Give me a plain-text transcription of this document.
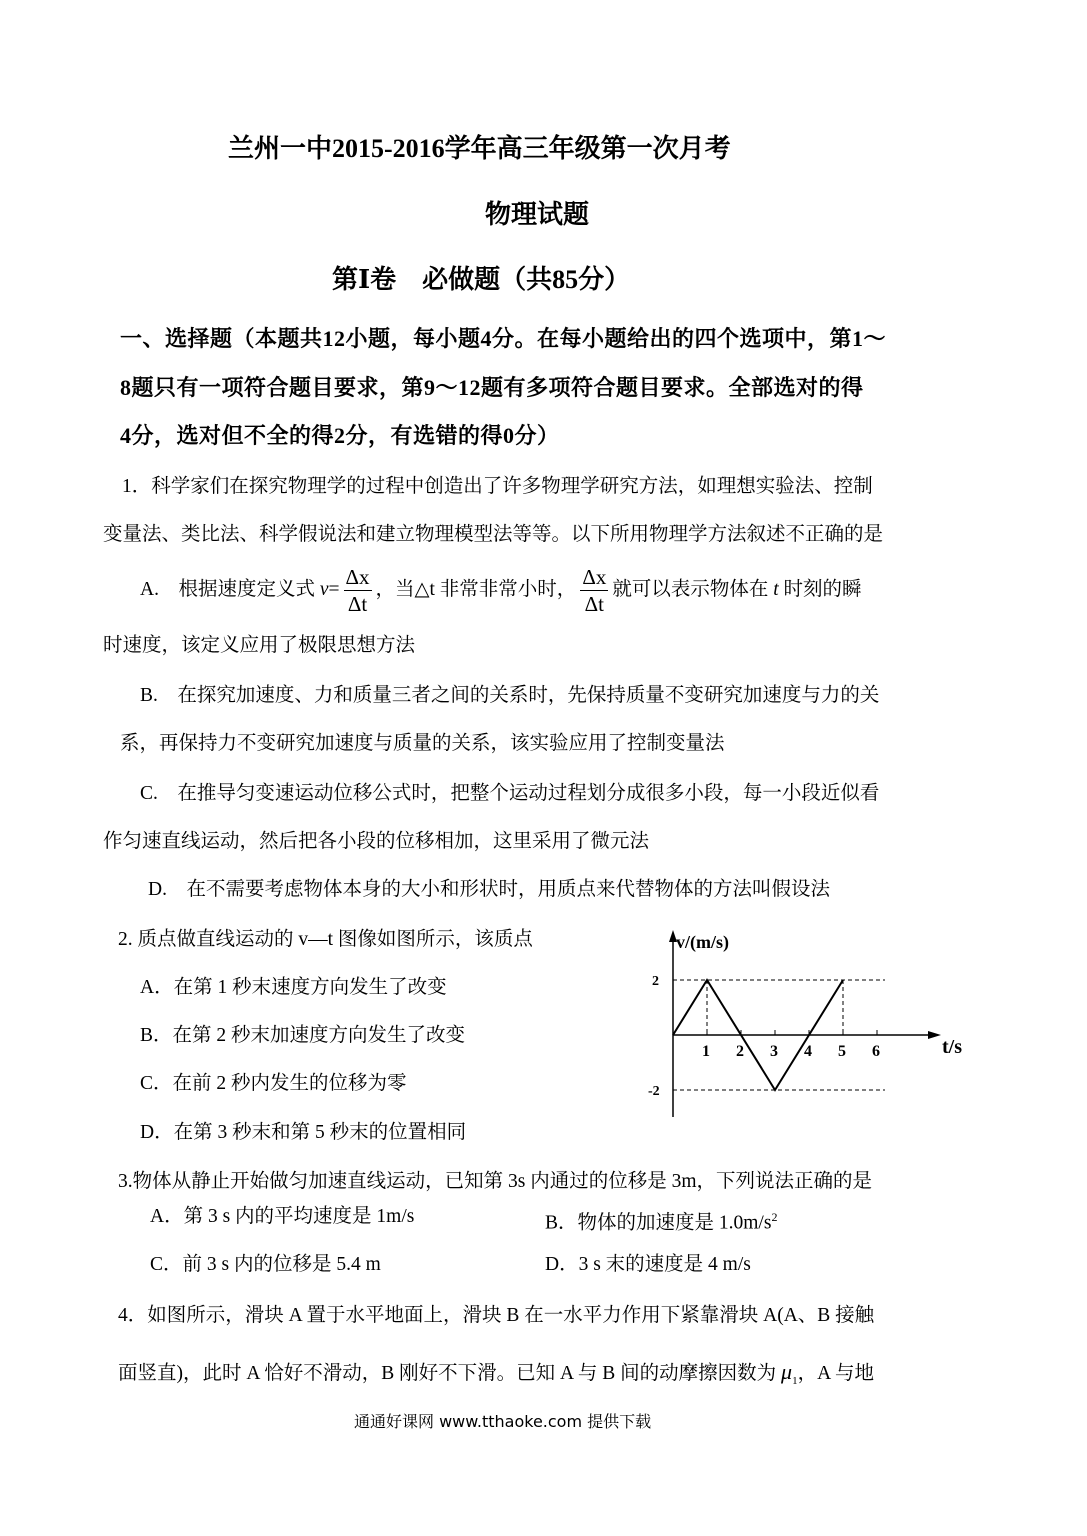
兰州一中2015-2016学年高三年级第一次月考
物理试题
第Ⅰ卷　必做题（共85分）
一、选择题（本题共12小题，每小题4分。在每小题给出的四个选项中，第1～
8题只有一项符合题目要求，第9～12题有多项符合题目要求。全部选对的得
4分，选对但不全的得2分，有选错的得0分）
1．科学家们在探究物理学的过程中创造出了许多物理学研究方法，如理想实验法、控制
变量法、类比法、科学假说法和建立物理模型法等等。以下所用物理学方法叙述不正确的是
A.　根据速度定义式 $v= \frac{\Delta x}{\Delta t}$ ，当△t 非常非常小时， $\frac{\Delta x}{\Delta t}$ 就可以表示物体在 t 时刻的瞬
时速度，该定义应用了极限思想方法
B.　在探究加速度、力和质量三者之间的关系时，先保持质量不变研究加速度与力的关
系，再保持力不变研究加速度与质量的关系，该实验应用了控制变量法
C.　在推导匀变速运动位移公式时，把整个运动过程划分成很多小段，每一小段近似看
作匀速直线运动，然后把各小段的位移相加，这里采用了微元法
D.　在不需要考虑物体本身的大小和形状时，用质点来代替物体的方法叫假设法
2. 质点做直线运动的 v—t 图像如图所示，该质点
A．在第 1 秒末速度方向发生了改变
B．在第 2 秒末加速度方向发生了改变
C．在前 2 秒内发生的位移为零
D．在第 3 秒末和第 5 秒末的位置相同
v/(m/s)
t/s
1 2 3 4 5 6
2
-2
3.物体从静止开始做匀加速直线运动，已知第 3s 内通过的位移是 3m，下列说法正确的是
A．第 3 s 内的平均速度是 1m/s	B．物体的加速度是 $1.0m/s^2$
C．前 3 s 内的位移是 5.4 m	D．3 s 末的速度是 4 m/s
4．如图所示，滑块 A 置于水平地面上，滑块 B 在一水平力作用下紧靠滑块 A(A、B 接触
面竖直)，此时 A 恰好不滑动，B 刚好不下滑。已知 A 与 B 间的动摩擦因数为 $\mu_1$，A 与地
通通好课网 www.tthaoke.com 提供下载
